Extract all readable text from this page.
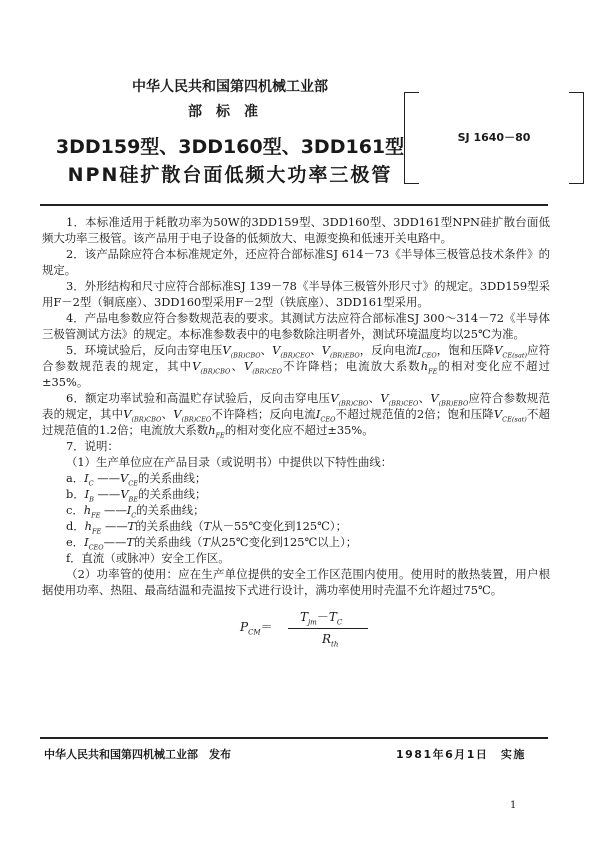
中华人民共和国第四机械工业部
部标准
3DD159型、3DD160型、3DD161型
NPN硅扩散台面低频大功率三极管
SJ 1640－80

1．本标准适用于耗散功率为50W的3DD159型、3DD160型、3DD161型NPN硅扩散台面低频大功率三极管。该产品用于电子设备的低频放大、电源变换和低速开关电路中。

2．该产品除应符合本标准规定外，还应符合部标准SJ 614－73《半导体三极管总技术条件》的规定。

3．外形结构和尺寸应符合部标准SJ 139－78《半导体三极管外形尺寸》的规定。3DD159型采用F－2型（铜底座）、3DD160型采用F－2型（铁底座）、3DD161型采用。

4．产品电参数应符合参数规范表的要求。其测试方法应符合部标准SJ 300～314－72《半导体三极管测试方法》的规定。本标准参数表中的电参数除注明者外，测试环境温度均以25℃为准。

5．环境试验后，反向击穿电压$V_{(BR)CBO}$、$V_{(BR)CEO}$、$V_{(BR)EBO}$，反向电流$I_{CEO}$，饱和压降$V_{CE(sat)}$应符合参数规范表的规定，其中$V_{(BR)CBO}$、$V_{(BR)CEO}$不许降档；电流放大系数$h_{FE}$的相对变化应不超过±35%。

6．额定功率试验和高温贮存试验后，反向击穿电压$V_{(BR)CBO}$、$V_{(BR)CEO}$、$V_{(BR)EBO}$应符合参数规范表的规定，其中$V_{(BR)CBO}$、$V_{(BR)CEO}$不许降档；反向电流$I_{CEO}$不超过规范值的2倍；饱和压降$V_{CE(sat)}$不超过规范值的1.2倍；电流放大系数$h_{FE}$的相对变化应不超过±35%。

7．说明：

（1）生产单位应在产品目录（或说明书）中提供以下特性曲线：

a．$I_C$ $——V_{CE}$的关系曲线；

b．$I_B$ $——V_{BE}$的关系曲线；

c．$h_{FE}$ $——I_C$的关系曲线；

d．$h_{FE}$ ——T的关系曲线（T从－55℃变化到125℃）；

e．$I_{CEO}——T$的关系曲线（T从25℃变化到125℃以上）；

f．直流（或脉冲）安全工作区。

（2）功率管的使用：应在生产单位提供的安全工作区范围内使用。使用时的散热装置，用户根据使用功率、热阻、最高结温和壳温按下式进行设计，满功率使用时壳温不允许超过75℃。

$P_{CM}=$
$T_{jm}-T_C$
$R_{th}$
中华人民共和国第四机械工业部　发布	1981年6月1日　实施
1
